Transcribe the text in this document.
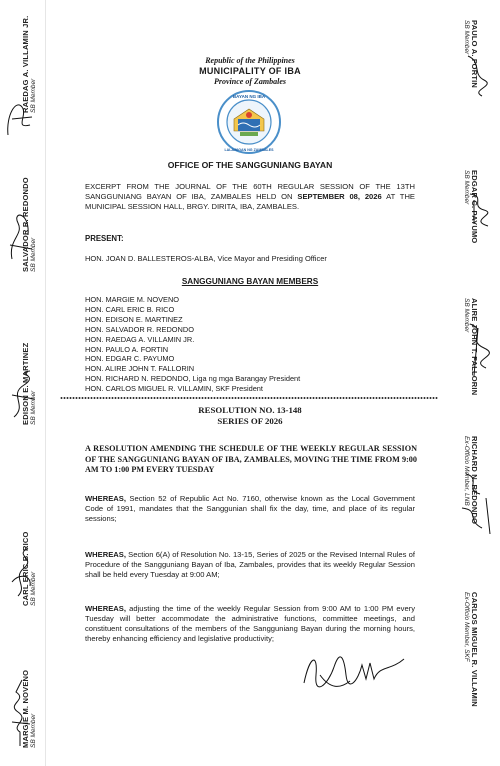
Republic of the Philippines
MUNICIPALITY OF IBA
Province of Zambales
BAYAN NG IBA
LALAWIGAN NG ZAMBALES
OFFICE OF THE SANGGUNIANG BAYAN
EXCERPT FROM THE JOURNAL OF THE 60TH REGULAR SESSION OF THE 13TH SANGGUNIANG BAYAN OF IBA, ZAMBALES HELD ON SEPTEMBER 08, 2026 AT THE MUNICIPAL SESSION HALL, BRGY. DIRITA, IBA, ZAMBALES.
PRESENT:
HON. JOAN D. BALLESTEROS-ALBA, Vice Mayor and Presiding Officer
SANGGUNIANG BAYAN MEMBERS
HON. MARGIE M. NOVENO
HON. CARL ERIC B. RICO
HON. EDISON E. MARTINEZ
HON. SALVADOR R. REDONDO
HON. RAEDAG A. VILLAMIN JR.
HON. PAULO A. FORTIN
HON. EDGAR C. PAYUMO
HON. ALIRE JOHN T. FALLORIN
HON. RICHARD N. REDONDO, Liga ng mga Barangay President
HON. CARLOS MIGUEL R. VILLAMIN, SKF President
RESOLUTION NO. 13-148
SERIES OF 2026
A RESOLUTION AMENDING THE SCHEDULE OF THE WEEKLY REGULAR SESSION OF THE SANGGUNIANG BAYAN OF IBA, ZAMBALES, MOVING THE TIME FROM 9:00 AM TO 1:00 PM EVERY TUESDAY
WHEREAS, Section 52 of Republic Act No. 7160, otherwise known as the Local Government Code of 1991, mandates that the Sanggunian shall fix the day, time, and place of its regular sessions;
WHEREAS, Section 6(A) of Resolution No. 13-15, Series of 2025 or the Revised Internal Rules of Procedure of the Sangguniang Bayan of Iba, Zambales, provides that its weekly Regular Session shall be held every Tuesday at 9:00 AM;
WHEREAS, adjusting the time of the weekly Regular Session from 9:00 AM to 1:00 PM every Tuesday will better accommodate the administrative functions, committee meetings, and constituent consultations of the members of the Sangguniang Bayan during the morning hours, thereby enhancing efficiency and legislative productivity;
RAEDAG A. VILLAMIN JR. SB Member
SALVADOR R. REDONDO SB Member
EDISON E. MARTINEZ SB Member
CARL ERIC B. RICO SB Member
MARGIE M. NOVENO SB Member
PAULO A. FORTIN
SB Member
EDGAR C. PAYUMO
SB Member
ALIRE JOHN T. FALLORIN
SB Member
RICHARD N. REDONDO
Ex-Officio Member, LNB
CARLOS MIGUEL R. VILLAMIN
Ex-Officio Member, SKF
